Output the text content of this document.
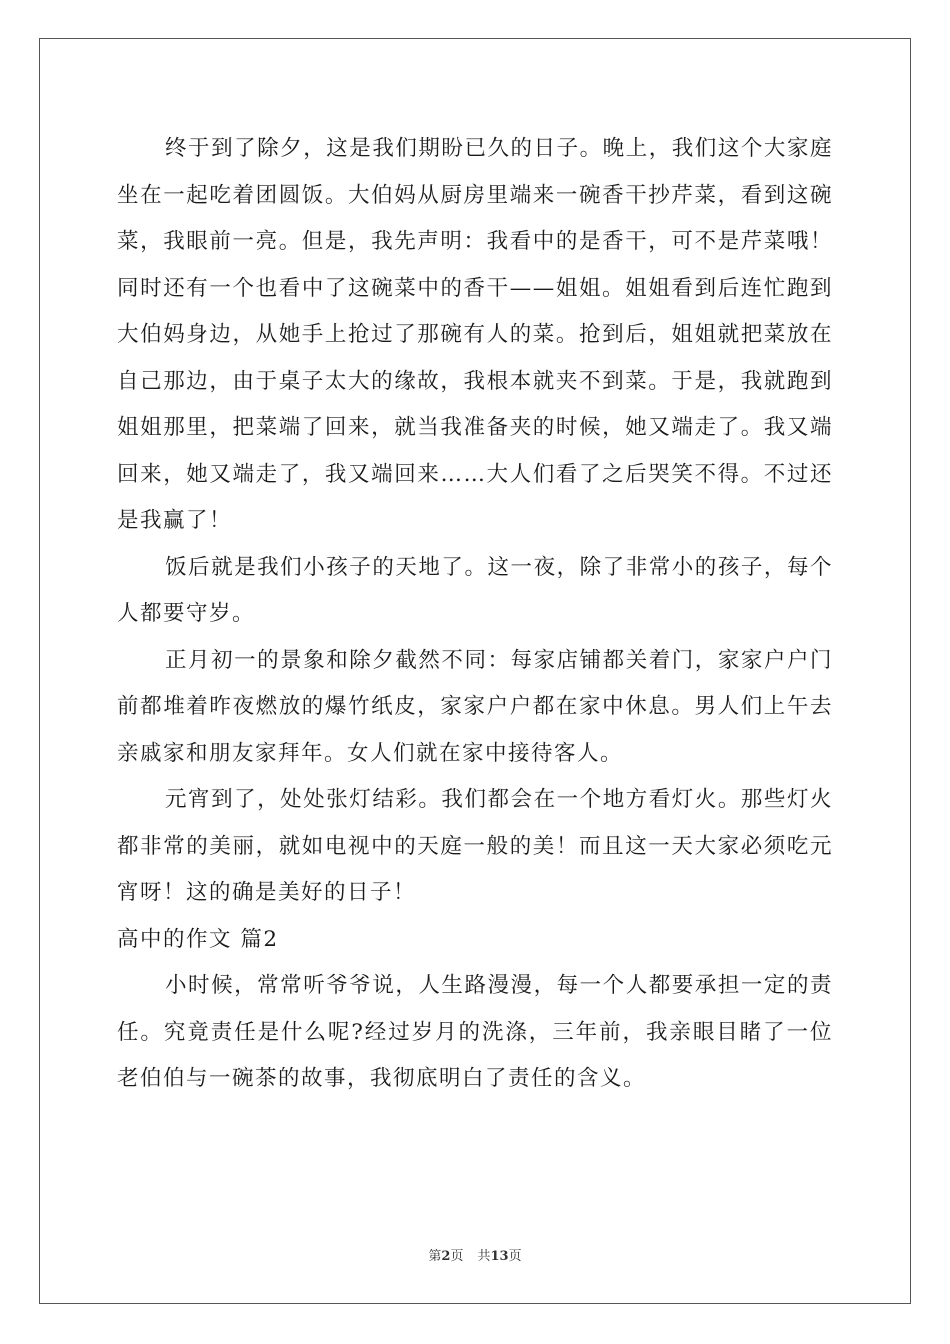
终于到了除夕，这是我们期盼已久的日子。晚上，我们这个大家庭坐在一起吃着团圆饭。大伯妈从厨房里端来一碗香干抄芹菜，看到这碗菜，我眼前一亮。但是，我先声明：我看中的是香干，可不是芹菜哦！同时还有一个也看中了这碗菜中的香干——姐姐。姐姐看到后连忙跑到大伯妈身边，从她手上抢过了那碗有人的菜。抢到后，姐姐就把菜放在自己那边，由于桌子太大的缘故，我根本就夹不到菜。于是，我就跑到姐姐那里，把菜端了回来，就当我准备夹的时候，她又端走了。我又端回来，她又端走了，我又端回来……大人们看了之后哭笑不得。不过还是我赢了！

饭后就是我们小孩子的天地了。这一夜，除了非常小的孩子，每个人都要守岁。

正月初一的景象和除夕截然不同：每家店铺都关着门，家家户户门前都堆着昨夜燃放的爆竹纸皮，家家户户都在家中休息。男人们上午去亲戚家和朋友家拜年。女人们就在家中接待客人。

元宵到了，处处张灯结彩。我们都会在一个地方看灯火。那些灯火都非常的美丽，就如电视中的天庭一般的美！而且这一天大家必须吃元宵呀！这的确是美好的日子！

高中的作文 篇2

小时候，常常听爷爷说，人生路漫漫，每一个人都要承担一定的责任。究竟责任是什么呢?经过岁月的洗涤，三年前，我亲眼目睹了一位老伯伯与一碗茶的故事，我彻底明白了责任的含义。

第2页 共13页
